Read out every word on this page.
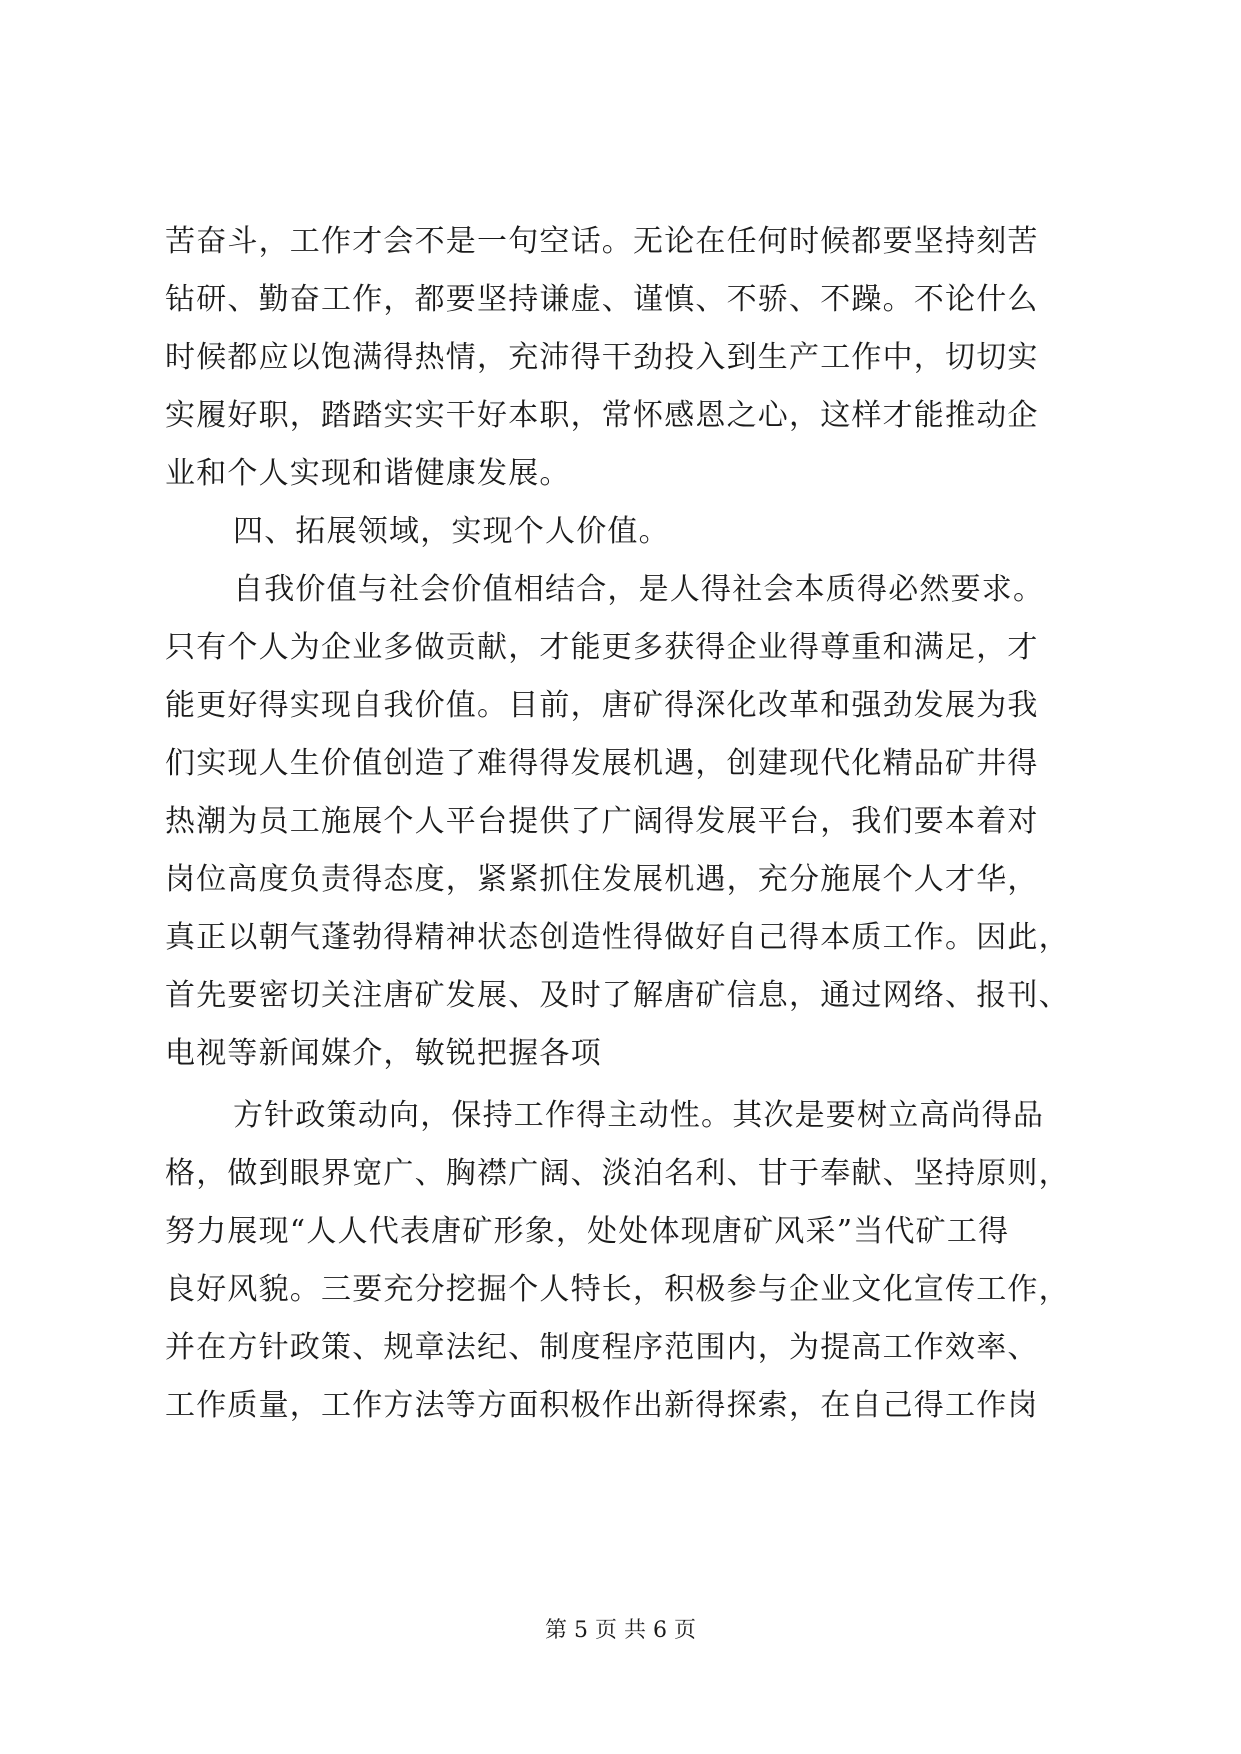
苦奋斗，工作才会不是一句空话。无论在任何时候都要坚持刻苦
钻研、勤奋工作，都要坚持谦虚、谨慎、不骄、不躁。不论什么
时候都应以饱满得热情，充沛得干劲投入到生产工作中，切切实
实履好职，踏踏实实干好本职，常怀感恩之心，这样才能推动企
业和个人实现和谐健康发展。
四、拓展领域，实现个人价值。
自我价值与社会价值相结合，是人得社会本质得必然要求。
只有个人为企业多做贡献，才能更多获得企业得尊重和满足，才
能更好得实现自我价值。目前，唐矿得深化改革和强劲发展为我
们实现人生价值创造了难得得发展机遇，创建现代化精品矿井得
热潮为员工施展个人平台提供了广阔得发展平台，我们要本着对
岗位高度负责得态度，紧紧抓住发展机遇，充分施展个人才华，
真正以朝气蓬勃得精神状态创造性得做好自己得本质工作。因此，
首先要密切关注唐矿发展、及时了解唐矿信息，通过网络、报刊、
电视等新闻媒介，敏锐把握各项
方针政策动向，保持工作得主动性。其次是要树立高尚得品
格，做到眼界宽广、胸襟广阔、淡泊名利、甘于奉献、坚持原则，
努力展现“人人代表唐矿形象，处处体现唐矿风采”当代矿工得
良好风貌。三要充分挖掘个人特长，积极参与企业文化宣传工作，
并在方针政策、规章法纪、制度程序范围内，为提高工作效率、
工作质量，工作方法等方面积极作出新得探索，在自己得工作岗
第 5 页 共 6 页
